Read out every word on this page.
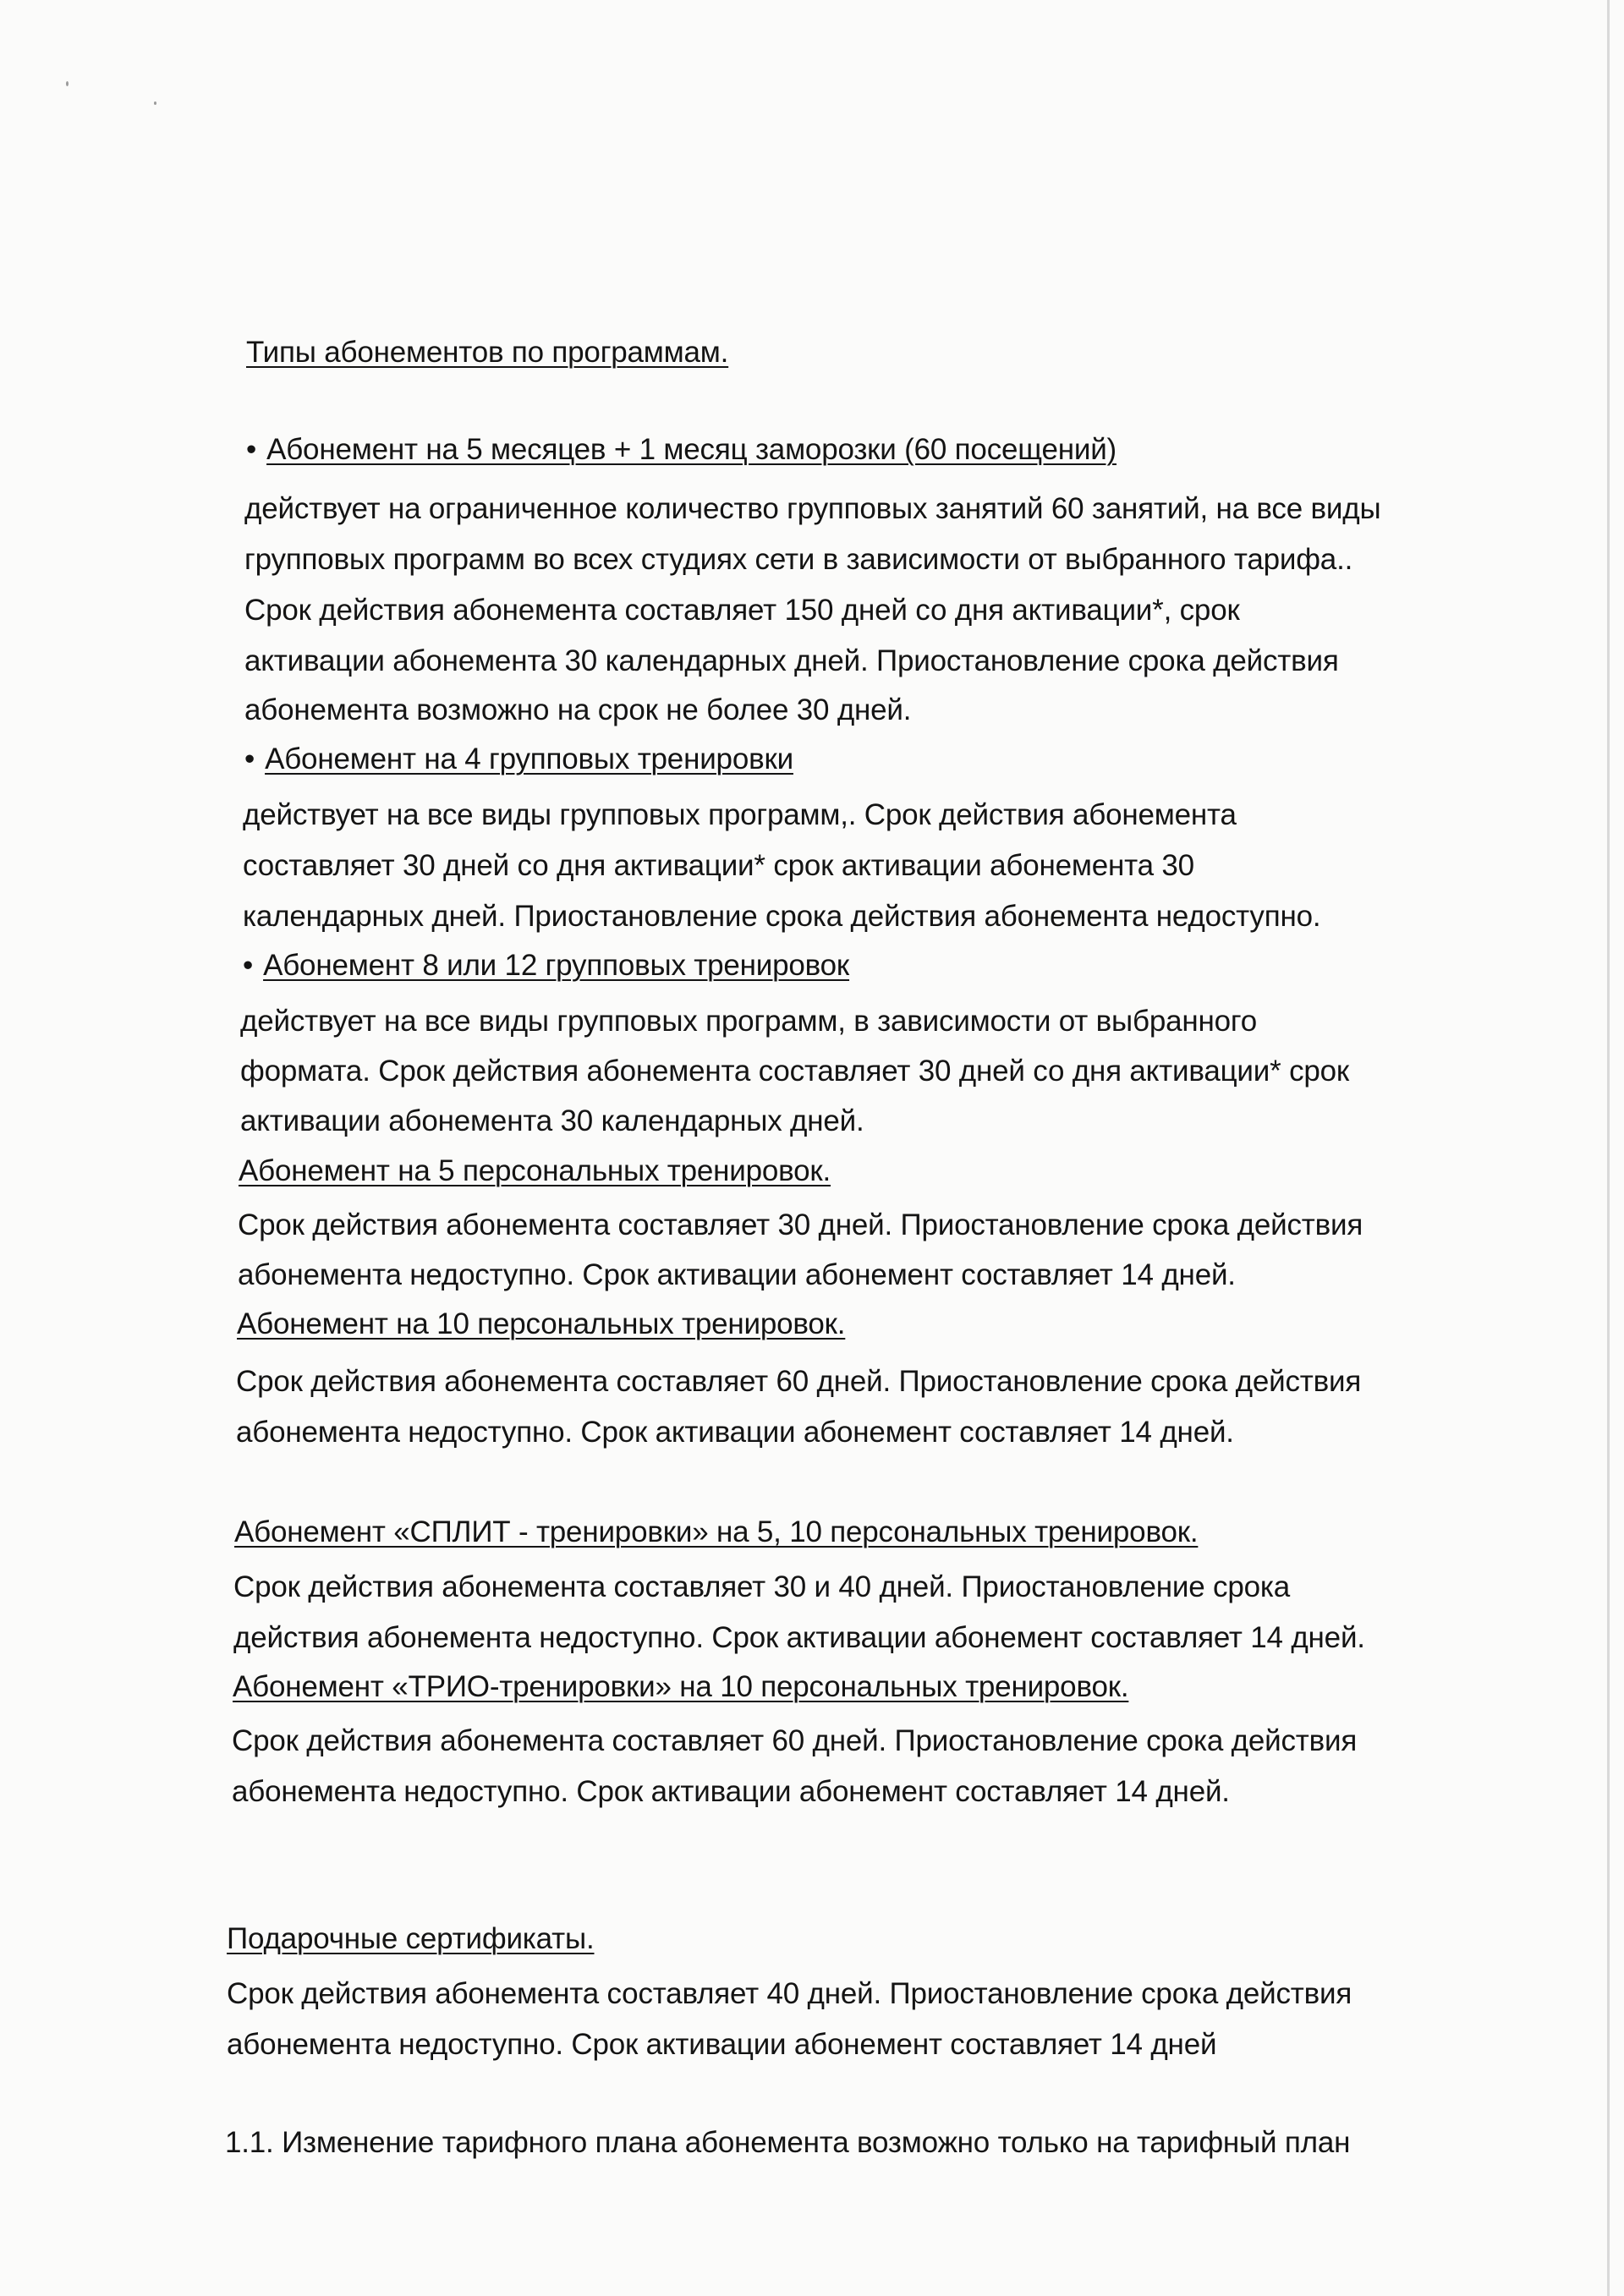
Типы абонементов по программам.
• Абонемент на 5 месяцев + 1 месяц заморозки (60 посещений)
действует на ограниченное количество групповых занятий 60 занятий, на все виды
групповых программ во всех студиях сети в зависимости от выбранного тарифа..
Срок действия абонемента составляет 150 дней со дня активации*, срок
активации абонемента 30 календарных дней. Приостановление срока действия
абонемента возможно на срок не более 30 дней.
• Абонемент на 4 групповых тренировки
действует на все виды групповых программ,. Срок действия абонемента
составляет 30 дней со дня активации* срок активации абонемента 30
календарных дней. Приостановление срока действия абонемента недоступно.
• Абонемент 8 или 12 групповых тренировок
действует на все виды групповых программ, в зависимости от выбранного
формата. Срок действия абонемента составляет 30 дней со дня активации* срок
активации абонемента 30 календарных дней.
Абонемент на 5 персональных тренировок.
Срок действия абонемента составляет 30 дней. Приостановление срока действия
абонемента недоступно. Срок активации абонемент составляет 14 дней.
Абонемент на 10 персональных тренировок.
Срок действия абонемента составляет 60 дней. Приостановление срока действия
абонемента недоступно. Срок активации абонемент составляет 14 дней.
Абонемент «СПЛИТ - тренировки» на 5, 10 персональных тренировок.
Срок действия абонемента составляет 30 и 40 дней. Приостановление срока
действия абонемента недоступно. Срок активации абонемент составляет 14 дней.
Абонемент «ТРИО-тренировки» на 10 персональных тренировок.
Срок действия абонемента составляет 60 дней. Приостановление срока действия
абонемента недоступно. Срок активации абонемент составляет 14 дней.
Подарочные сертификаты.
Срок действия абонемента составляет 40 дней. Приостановление срока действия
абонемента недоступно. Срок активации абонемент составляет 14 дней
1.1. Изменение тарифного плана абонемента возможно только на тарифный план
